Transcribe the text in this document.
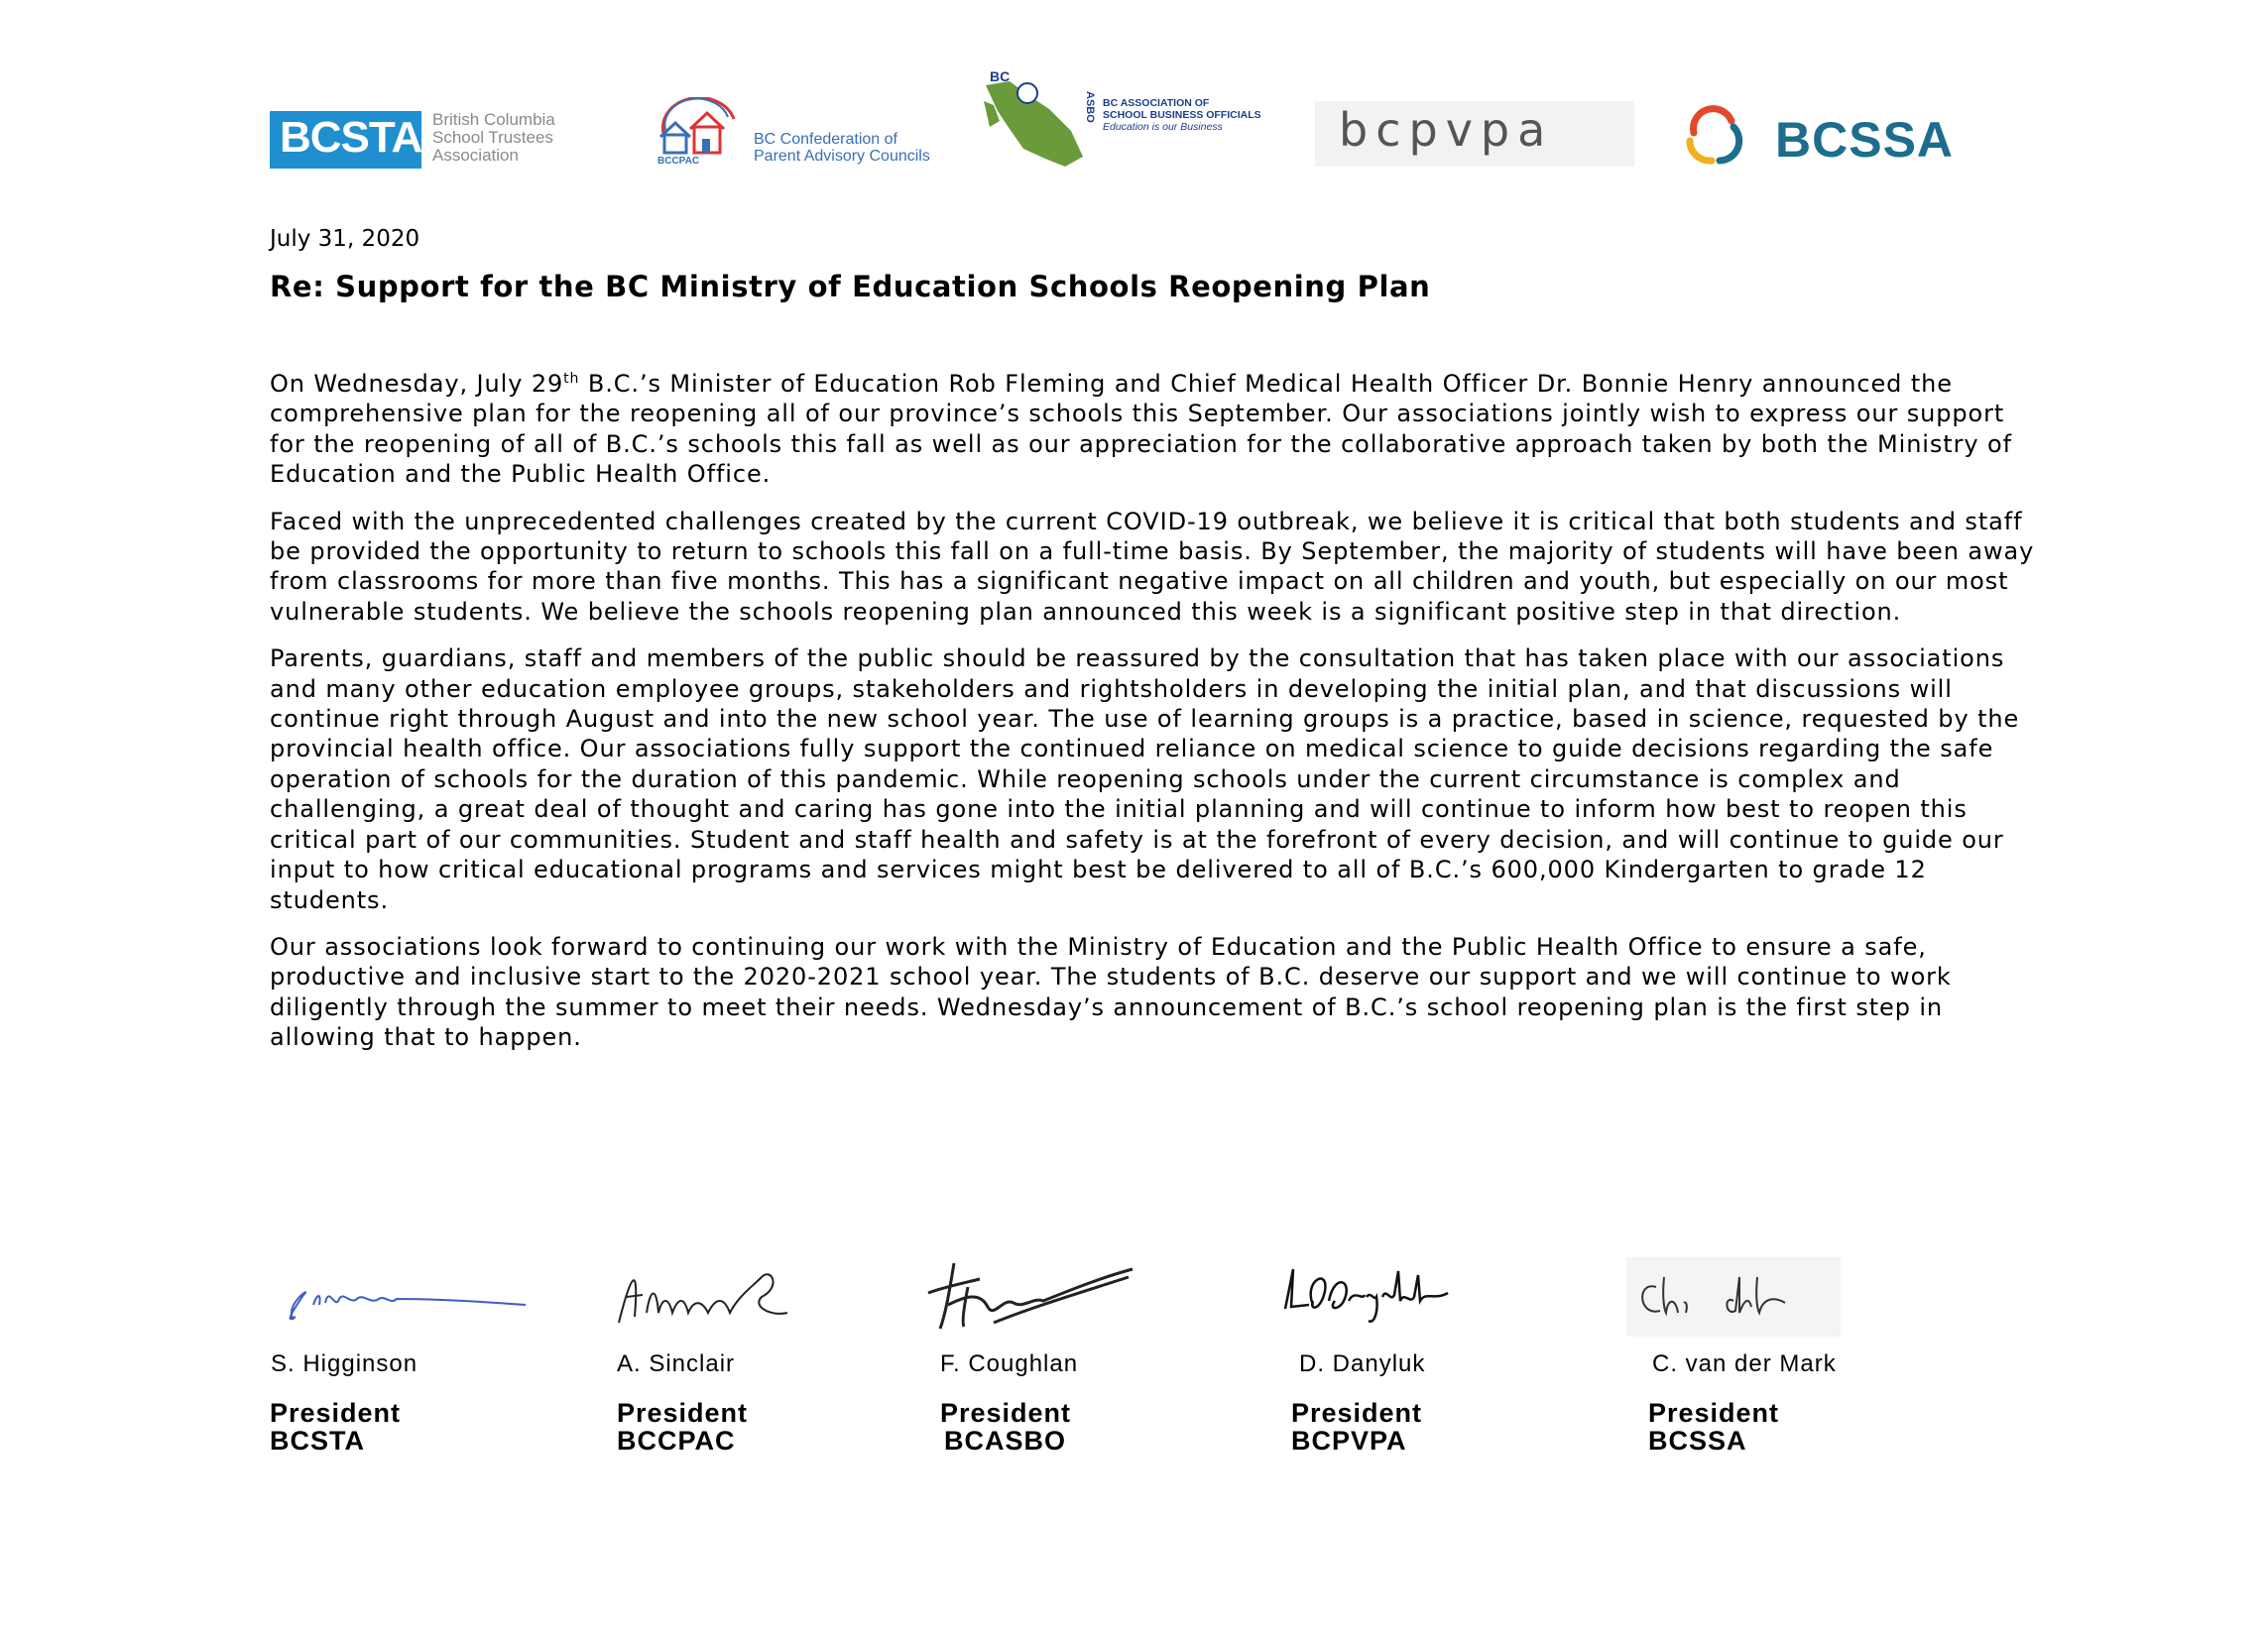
BCSTA British Columbia
School Trustees
Association	BCCPAC
BC Confederation of
Parent Advisory Councils
BC
ASBO BC ASSOCIATION OF
SCHOOL BUSINESS OFFICIALS
Education is our Business	bcpvpa	BCSSA
July 31, 2020
Re: Support for the BC Ministry of Education Schools Reopening Plan

On Wednesday, July 29th B.C.’s Minister of Education Rob Fleming and Chief Medical Health Officer Dr. Bonnie Henry announced the comprehensive plan for the reopening all of our province’s schools this September. Our associations jointly wish to express our support for the reopening of all of B.C.’s schools this fall as well as our appreciation for the collaborative approach taken by both the Ministry of Education and the Public Health Office.

Faced with the unprecedented challenges created by the current COVID-19 outbreak, we believe it is critical that both students and staff be provided the opportunity to return to schools this fall on a full-time basis. By September, the majority of students will have been away from classrooms for more than five months. This has a significant negative impact on all children and youth, but especially on our most vulnerable students. We believe the schools reopening plan announced this week is a significant positive step in that direction.

Parents, guardians, staff and members of the public should be reassured by the consultation that has taken place with our associations and many other education employee groups, stakeholders and rightsholders in developing the initial plan, and that discussions will continue right through August and into the new school year. The use of learning groups is a practice, based in science, requested by the provincial health office. Our associations fully support the continued reliance on medical science to guide decisions regarding the safe operation of schools for the duration of this pandemic. While reopening schools under the current circumstance is complex and challenging, a great deal of thought and caring has gone into the initial planning and will continue to inform how best to reopen this critical part of our communities. Student and staff health and safety is at the forefront of every decision, and will continue to guide our input to how critical educational programs and services might best be delivered to all of B.C.’s 600,000 Kindergarten to grade 12 students.

Our associations look forward to continuing our work with the Ministry of Education and the Public Health Office to ensure a safe, productive and inclusive start to the 2020-2021 school year. The students of B.C. deserve our support and we will continue to work diligently through the summer to meet their needs. Wednesday’s announcement of B.C.’s school reopening plan is the first step in allowing that to happen.

S. Higginson
President
BCSTA
A. Sinclair
President
BCCPAC
F. Coughlan
President
BCASBO
D. Danyluk
President
BCPVPA
C. van der Mark
President
BCSSA
